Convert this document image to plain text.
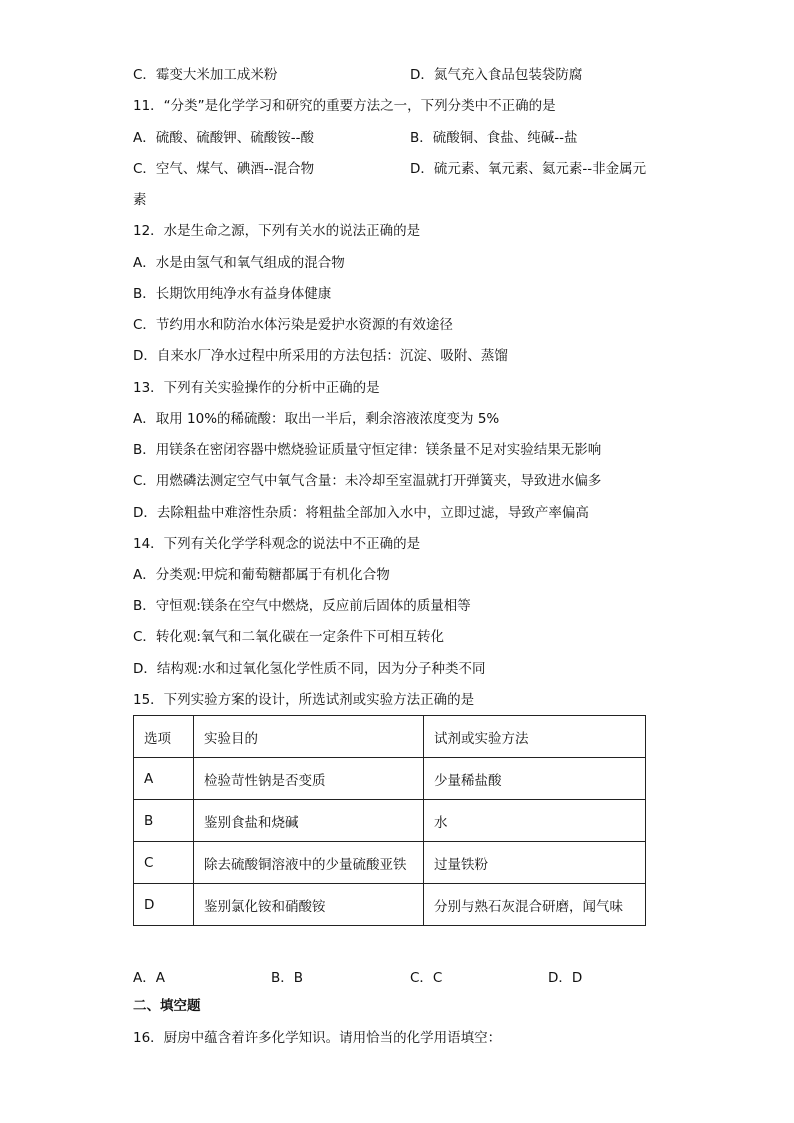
C．霉变大米加工成米粉	D．氮气充入食品包装袋防腐
11．“分类”是化学学习和研究的重要方法之一，下列分类中不正确的是
A．硫酸、硫酸钾、硫酸铵--酸	B．硫酸铜、食盐、纯碱--盐
C．空气、煤气、碘酒--混合物	D．硫元素、氧元素、氦元素--非金属元
素
12．水是生命之源，下列有关水的说法正确的是
A．水是由氢气和氧气组成的混合物
B．长期饮用纯净水有益身体健康
C．节约用水和防治水体污染是爱护水资源的有效途径
D．自来水厂净水过程中所采用的方法包括：沉淀、吸附、蒸馏
13．下列有关实验操作的分析中正确的是
A．取用 10%的稀硫酸：取出一半后，剩余溶液浓度变为 5%
B．用镁条在密闭容器中燃烧验证质量守恒定律：镁条量不足对实验结果无影响
C．用燃磷法测定空气中氧气含量：未冷却至室温就打开弹簧夹，导致进水偏多
D．去除粗盐中难溶性杂质：将粗盐全部加入水中，立即过滤，导致产率偏高
14．下列有关化学学科观念的说法中不正确的是
A．分类观:甲烷和葡萄糖都属于有机化合物
B．守恒观:镁条在空气中燃烧，反应前后固体的质量相等
C．转化观:氧气和二氧化碳在一定条件下可相互转化
D．结构观:水和过氧化氢化学性质不同，因为分子种类不同
15．下列实验方案的设计，所选试剂或实验方法正确的是
选项	实验目的	试剂或实验方法
A	检验苛性钠是否变质	少量稀盐酸
B	鉴别食盐和烧碱	水
C	除去硫酸铜溶液中的少量硫酸亚铁	过量铁粉
D	鉴别氯化铵和硝酸铵	分别与熟石灰混合研磨，闻气味
A．A	B．B	C．C	D．D
二、填空题
16．厨房中蕴含着许多化学知识。请用恰当的化学用语填空：
